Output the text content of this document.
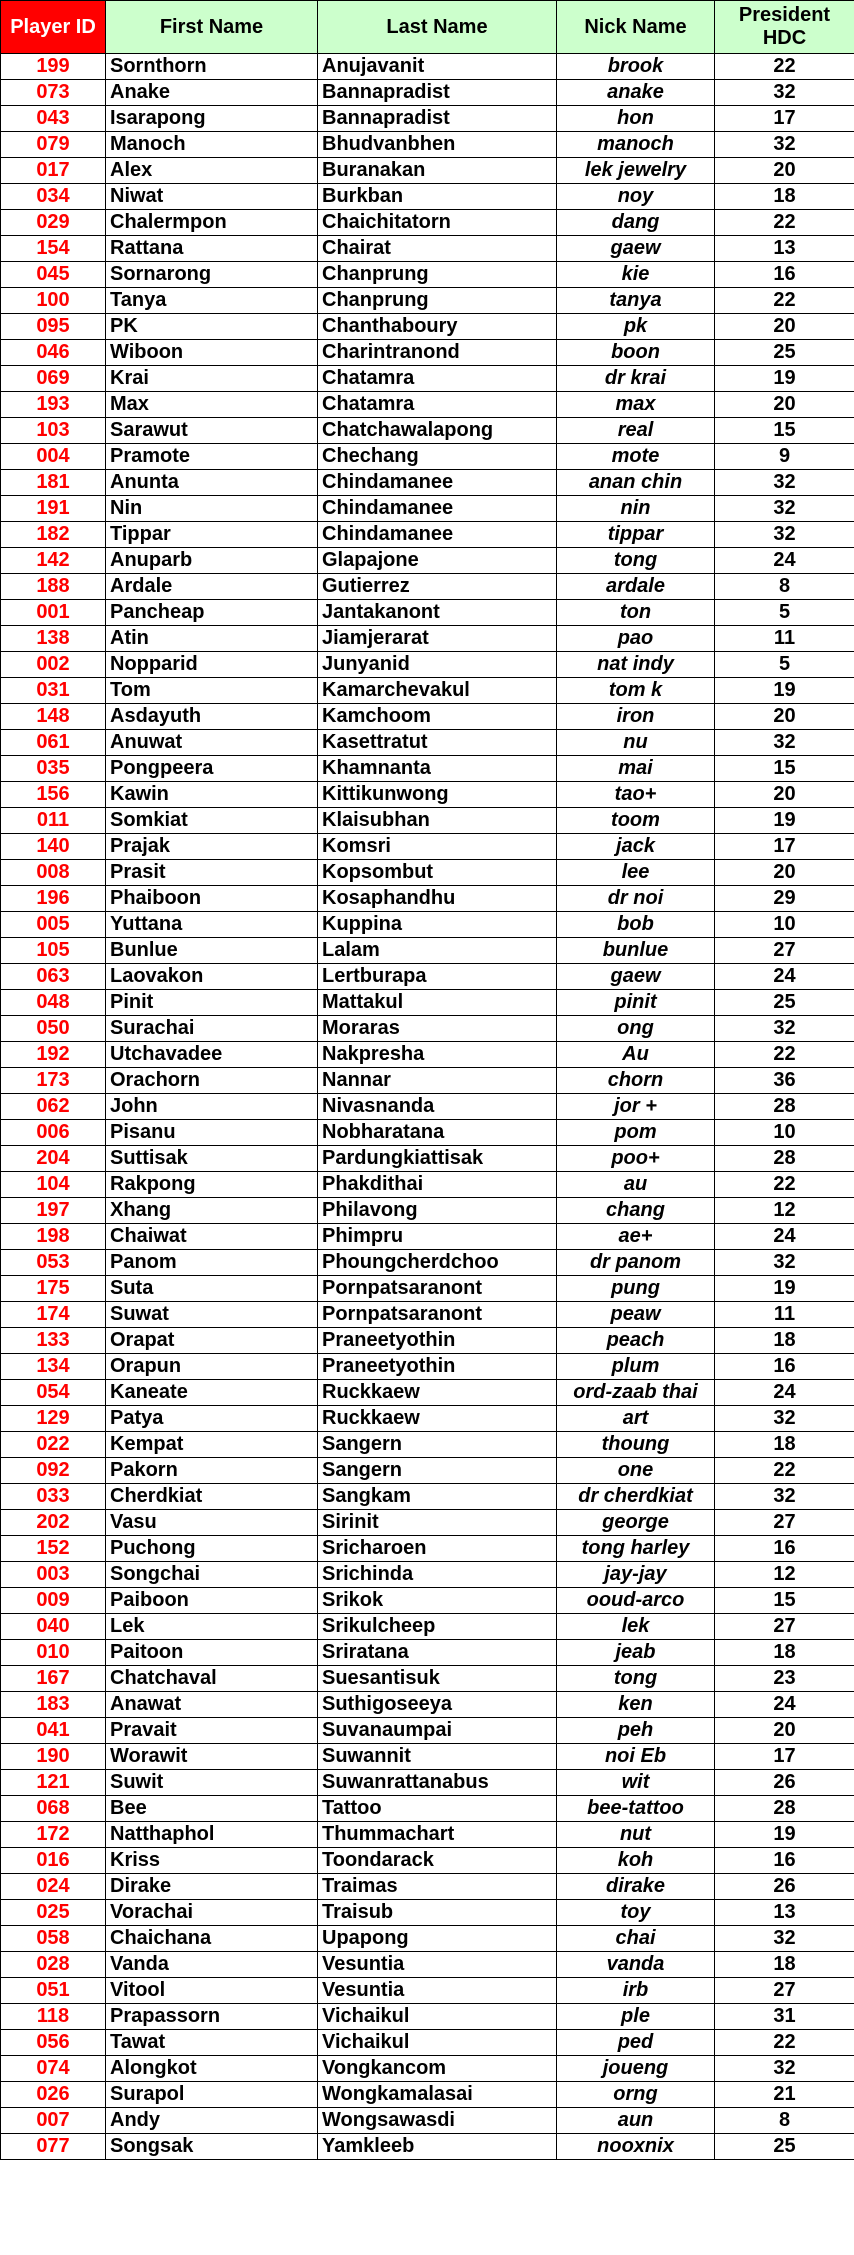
Player ID	First Name	Last Name	Nick Name	President HDC
199	Sornthorn	Anujavanit	brook	22
073	Anake	Bannapradist	anake	32
043	Isarapong	Bannapradist	hon	17
079	Manoch	Bhudvanbhen	manoch	32
017	Alex	Buranakan	lek jewelry	20
034	Niwat	Burkban	noy	18
029	Chalermpon	Chaichitatorn	dang	22
154	Rattana	Chairat	gaew	13
045	Sornarong	Chanprung	kie	16
100	Tanya	Chanprung	tanya	22
095	PK	Chanthaboury	pk	20
046	Wiboon	Charintranond	boon	25
069	Krai	Chatamra	dr krai	19
193	Max	Chatamra	max	20
103	Sarawut	Chatchawalapong	real	15
004	Pramote	Chechang	mote	9
181	Anunta	Chindamanee	anan chin	32
191	Nin	Chindamanee	nin	32
182	Tippar	Chindamanee	tippar	32
142	Anuparb	Glapajone	tong	24
188	Ardale	Gutierrez	ardale	8
001	Pancheap	Jantakanont	ton	5
138	Atin	Jiamjerarat	pao	11
002	Nopparid	Junyanid	nat indy	5
031	Tom	Kamarchevakul	tom k	19
148	Asdayuth	Kamchoom	iron	20
061	Anuwat	Kasettratut	nu	32
035	Pongpeera	Khamnanta	mai	15
156	Kawin	Kittikunwong	tao+	20
011	Somkiat	Klaisubhan	toom	19
140	Prajak	Komsri	jack	17
008	Prasit	Kopsombut	lee	20
196	Phaiboon	Kosaphandhu	dr noi	29
005	Yuttana	Kuppina	bob	10
105	Bunlue	Lalam	bunlue	27
063	Laovakon	Lertburapa	gaew	24
048	Pinit	Mattakul	pinit	25
050	Surachai	Moraras	ong	32
192	Utchavadee	Nakpresha	Au	22
173	Orachorn	Nannar	chorn	36
062	John	Nivasnanda	jor +	28
006	Pisanu	Nobharatana	pom	10
204	Suttisak	Pardungkiattisak	poo+	28
104	Rakpong	Phakdithai	au	22
197	Xhang	Philavong	chang	12
198	Chaiwat	Phimpru	ae+	24
053	Panom	Phoungcherdchoo	dr panom	32
175	Suta	Pornpatsaranont	pung	19
174	Suwat	Pornpatsaranont	peaw	11
133	Orapat	Praneetyothin	peach	18
134	Orapun	Praneetyothin	plum	16
054	Kaneate	Ruckkaew	ord-zaab thai	24
129	Patya	Ruckkaew	art	32
022	Kempat	Sangern	thoung	18
092	Pakorn	Sangern	one	22
033	Cherdkiat	Sangkam	dr cherdkiat	32
202	Vasu	Sirinit	george	27
152	Puchong	Sricharoen	tong harley	16
003	Songchai	Srichinda	jay-jay	12
009	Paiboon	Srikok	ooud-arco	15
040	Lek	Srikulcheep	lek	27
010	Paitoon	Sriratana	jeab	18
167	Chatchaval	Suesantisuk	tong	23
183	Anawat	Suthigoseeya	ken	24
041	Pravait	Suvanaumpai	peh	20
190	Worawit	Suwannit	noi Eb	17
121	Suwit	Suwanrattanabus	wit	26
068	Bee	Tattoo	bee-tattoo	28
172	Natthaphol	Thummachart	nut	19
016	Kriss	Toondarack	koh	16
024	Dirake	Traimas	dirake	26
025	Vorachai	Traisub	toy	13
058	Chaichana	Upapong	chai	32
028	Vanda	Vesuntia	vanda	18
051	Vitool	Vesuntia	irb	27
118	Prapassorn	Vichaikul	ple	31
056	Tawat	Vichaikul	ped	22
074	Alongkot	Vongkancom	joueng	32
026	Surapol	Wongkamalasai	orng	21
007	Andy	Wongsawasdi	aun	8
077	Songsak	Yamkleeb	nooxnix	25
